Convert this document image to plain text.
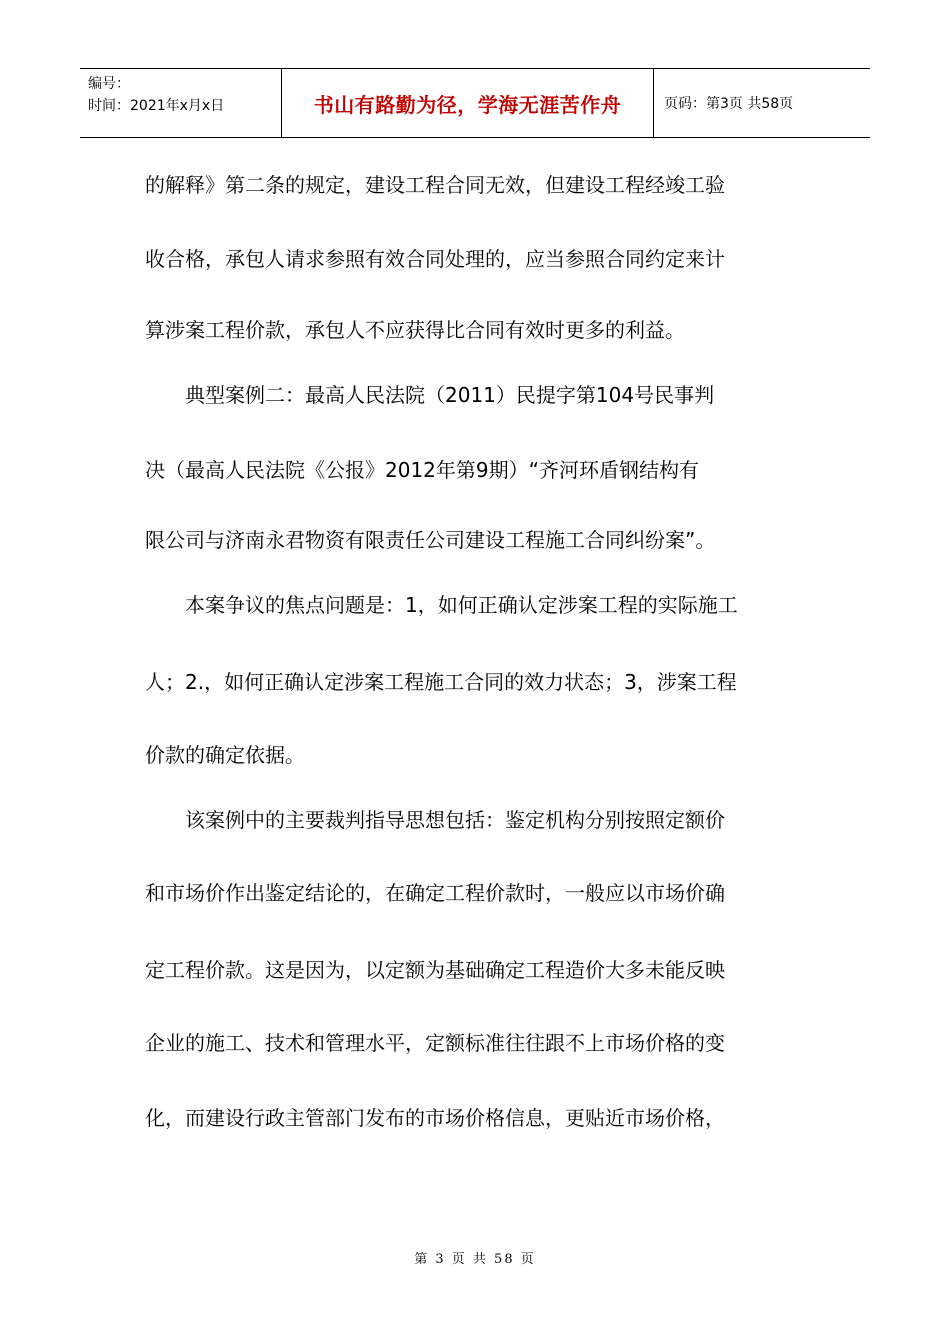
编号：
时间：2021年x月x日	书山有路勤为径，学海无涯苦作舟	页码：第3页 共58页
的解释》第二条的规定，建设工程合同无效，但建设工程经竣工验
收合格，承包人请求参照有效合同处理的，应当参照合同约定来计
算涉案工程价款，承包人不应获得比合同有效时更多的利益。
　　典型案例二：最高人民法院（2011）民提字第104号民事判
决（最高人民法院《公报》2012年第9期）“齐河环盾钢结构有
限公司与济南永君物资有限责任公司建设工程施工合同纠纷案”。
　　本案争议的焦点问题是：1，如何正确认定涉案工程的实际施工
人；2.，如何正确认定涉案工程施工合同的效力状态；3，涉案工程
价款的确定依据。
　　该案例中的主要裁判指导思想包括：鉴定机构分别按照定额价
和市场价作出鉴定结论的，在确定工程价款时，一般应以市场价确
定工程价款。这是因为，以定额为基础确定工程造价大多未能反映
企业的施工、技术和管理水平，定额标准往往跟不上市场价格的变
化，而建设行政主管部门发布的市场价格信息，更贴近市场价格，
第 3 页 共 58 页
